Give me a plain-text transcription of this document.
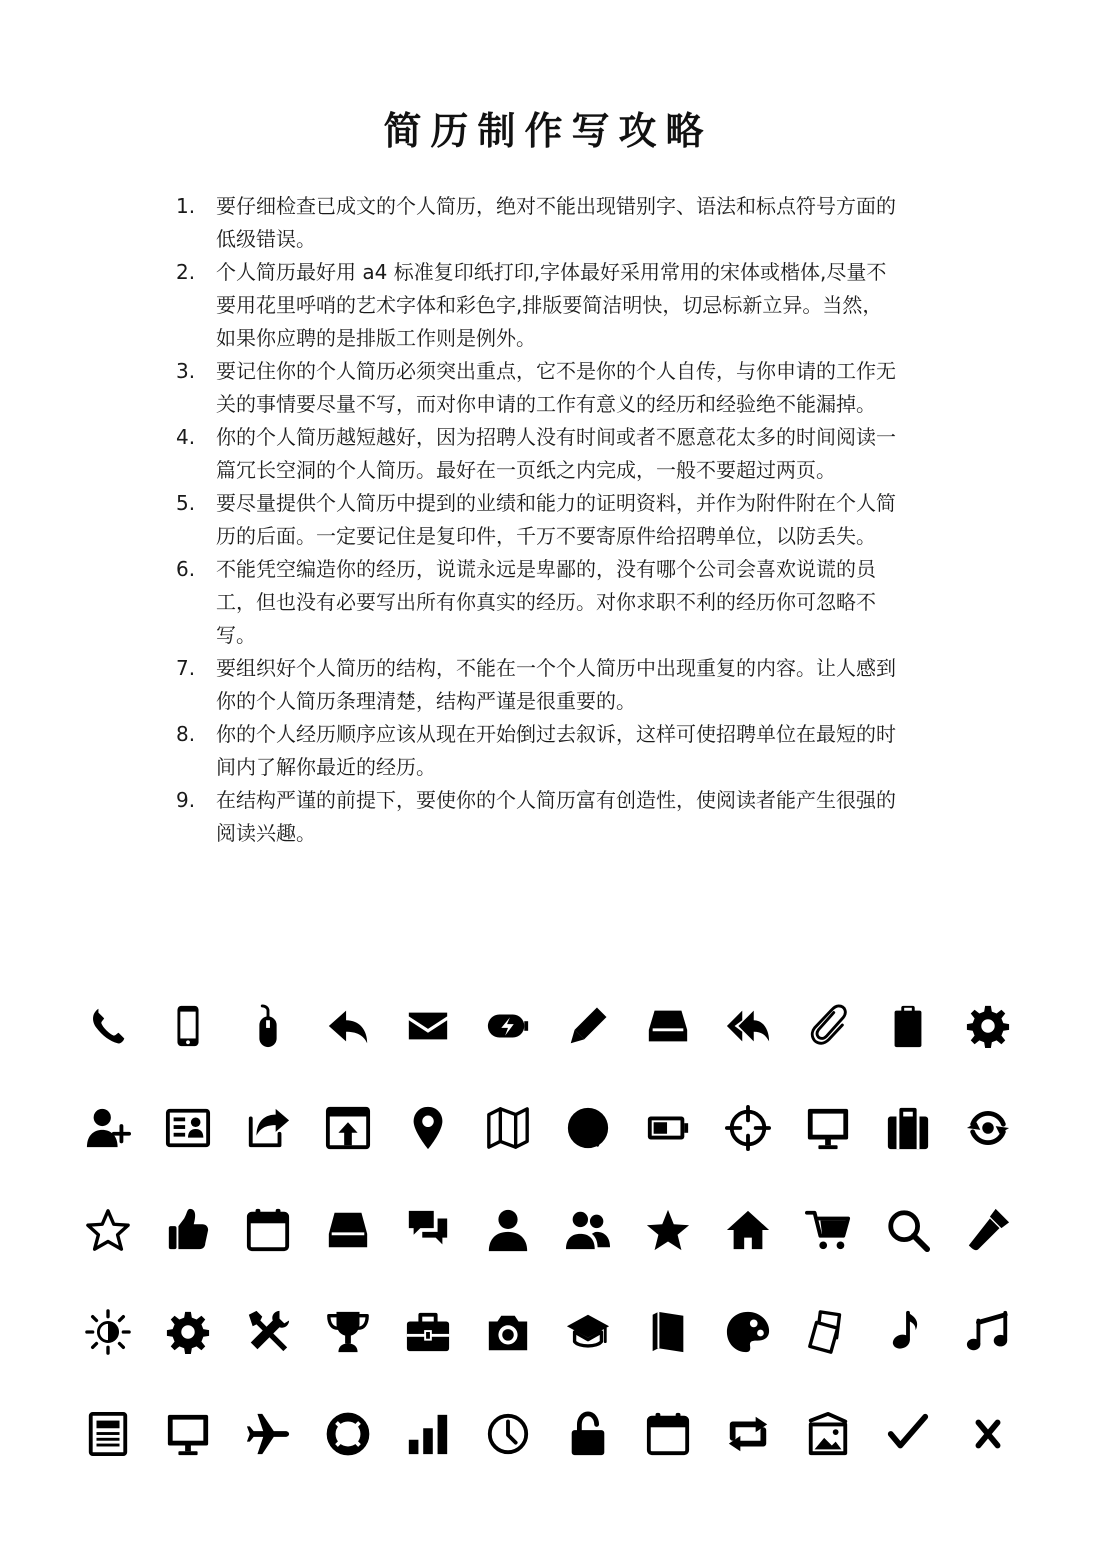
简历制作写攻略
1.	要仔细检查已成文的个人简历，绝对不能出现错别字、语法和标点符号方面的低级错误。
2.	个人简历最好用 a4 标准复印纸打印,字体最好采用常用的宋体或楷体,尽量不要用花里呼哨的艺术字体和彩色字,排版要简洁明快，切忌标新立异。当然，如果你应聘的是排版工作则是例外。
3.	要记住你的个人简历必须突出重点，它不是你的个人自传，与你申请的工作无关的事情要尽量不写，而对你申请的工作有意义的经历和经验绝不能漏掉。
4.	你的个人简历越短越好，因为招聘人没有时间或者不愿意花太多的时间阅读一篇冗长空洞的个人简历。最好在一页纸之内完成，一般不要超过两页。
5.	要尽量提供个人简历中提到的业绩和能力的证明资料，并作为附件附在个人简历的后面。一定要记住是复印件，千万不要寄原件给招聘单位，以防丢失。
6.	不能凭空编造你的经历，说谎永远是卑鄙的，没有哪个公司会喜欢说谎的员工，但也没有必要写出所有你真实的经历。对你求职不利的经历你可忽略不写。
7.	要组织好个人简历的结构，不能在一个个人简历中出现重复的内容。让人感到你的个人简历条理清楚，结构严谨是很重要的。
8.	你的个人经历顺序应该从现在开始倒过去叙诉，这样可使招聘单位在最短的时间内了解你最近的经历。
9.	在结构严谨的前提下，要使你的个人简历富有创造性，使阅读者能产生很强的阅读兴趣。
